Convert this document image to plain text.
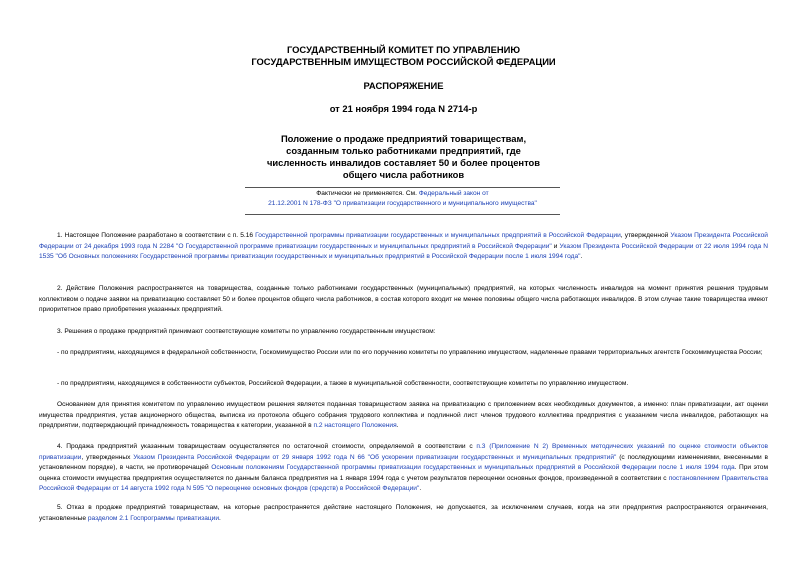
ГОСУДАРСТВЕННЫЙ КОМИТЕТ ПО УПРАВЛЕНИЮ
ГОСУДАРСТВЕННЫМ ИМУЩЕСТВОМ РОССИЙСКОЙ ФЕДЕРАЦИИ
РАСПОРЯЖЕНИЕ
от 21 ноября 1994 года N 2714-р
Положение о продаже предприятий товариществам,
созданным только работниками предприятий, где
численность инвалидов составляет 50 и более процентов
общего числа работников
Фактически не применяется. См. Федеральный закон от
21.12.2001 N 178-ФЗ "О приватизации государственного и муниципального имущества"

1. Настоящее Положение разработано в соответствии с п. 5.16 Государственной программы приватизации государственных и муниципальных предприятий в Российской Федерации, утвержденной Указом Президента Российской Федерации от 24 декабря 1993 года N 2284 "О Государственной программе приватизации государственных и муниципальных предприятий в Российской Федерации" и Указом Президента Российской Федерации от 22 июля 1994 года N 1535 "Об Основных положениях Государственной программы приватизации государственных и муниципальных предприятий в Российской Федерации после 1 июля 1994 года".

2. Действие Положения распространяется на товарищества, созданные только работниками государственных (муниципальных) предприятий, на которых численность инвалидов на момент принятия решения трудовым коллективом о подаче заявки на приватизацию составляет 50 и более процентов общего числа работников, в состав которого входит не менее половины общего числа работающих инвалидов. В этом случае такие товарищества имеют приоритетное право приобретения указанных предприятий.

3. Решения о продаже предприятий принимают соответствующие комитеты по управлению государственным имуществом:

- по предприятиям, находящимся в федеральной собственности, Госкомимущество России или по его поручению комитеты по управлению имуществом, наделенные правами территориальных агентств Госкомимущества России;

- по предприятиям, находящимся в собственности субъектов, Российской Федерации, а также в муниципальной собственности, соответствующие комитеты по управлению имуществом.

Основанием для принятия комитетом по управлению имуществом решения является поданная товариществом заявка на приватизацию с приложением всех необходимых документов, а именно: план приватизации, акт оценки имущества предприятия, устав акционерного общества, выписка из протокола общего собрания трудового коллектива и подлинной лист членов трудового коллектива предприятия с указанием числа инвалидов, работающих на предприятии, подтверждающий принадлежность товарищества к категории, указанной в п.2 настоящего Положения.

4. Продажа предприятий указанным товариществам осуществляется по остаточной стоимости, определяемой в соответствии с п.3 (Приложение N 2) Временных методических указаний по оценке стоимости объектов приватизации, утвержденных Указом Президента Российской Федерации от 29 января 1992 года N 66 "Об ускорении приватизации государственных и муниципальных предприятий" (с последующими изменениями, внесенными в установленном порядке), в части, не противоречащей Основным положениям Государственной программы приватизации государственных и муниципальных предприятий в Российской Федерации после 1 июля 1994 года. При этом оценка стоимости имущества предприятия осуществляется по данным баланса предприятия на 1 января 1994 года с учетом результатов переоценки основных фондов, произведенной в соответствии с постановлением Правительства Российской Федерации от 14 августа 1992 года N 595 "О переоценке основных фондов (средств) в Российской Федерации".

5. Отказ в продаже предприятий товариществам, на которые распространяется действие настоящего Положения, не допускается, за исключением случаев, когда на эти предприятия распространяются ограничения, установленные разделом 2.1 Госпрограммы приватизации.
